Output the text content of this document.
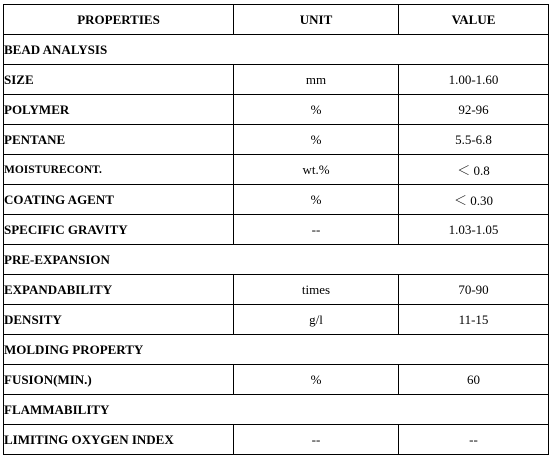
PROPERTIES	UNIT	VALUE
BEAD ANALYSIS		
SIZE	mm	1.00-1.60
POLYMER	%	92-96
PENTANE	%	5.5-6.8
MOISTURECONT.	wt.%	＜ 0.8
COATING AGENT	%	＜ 0.30
SPECIFIC GRAVITY	--	1.03-1.05
PRE-EXPANSION		
EXPANDABILITY	times	70-90
DENSITY	g/l	11-15
MOLDING PROPERTY		
FUSION(MIN.)	%	60
FLAMMABILITY		
LIMITING OXYGEN INDEX	--	--
